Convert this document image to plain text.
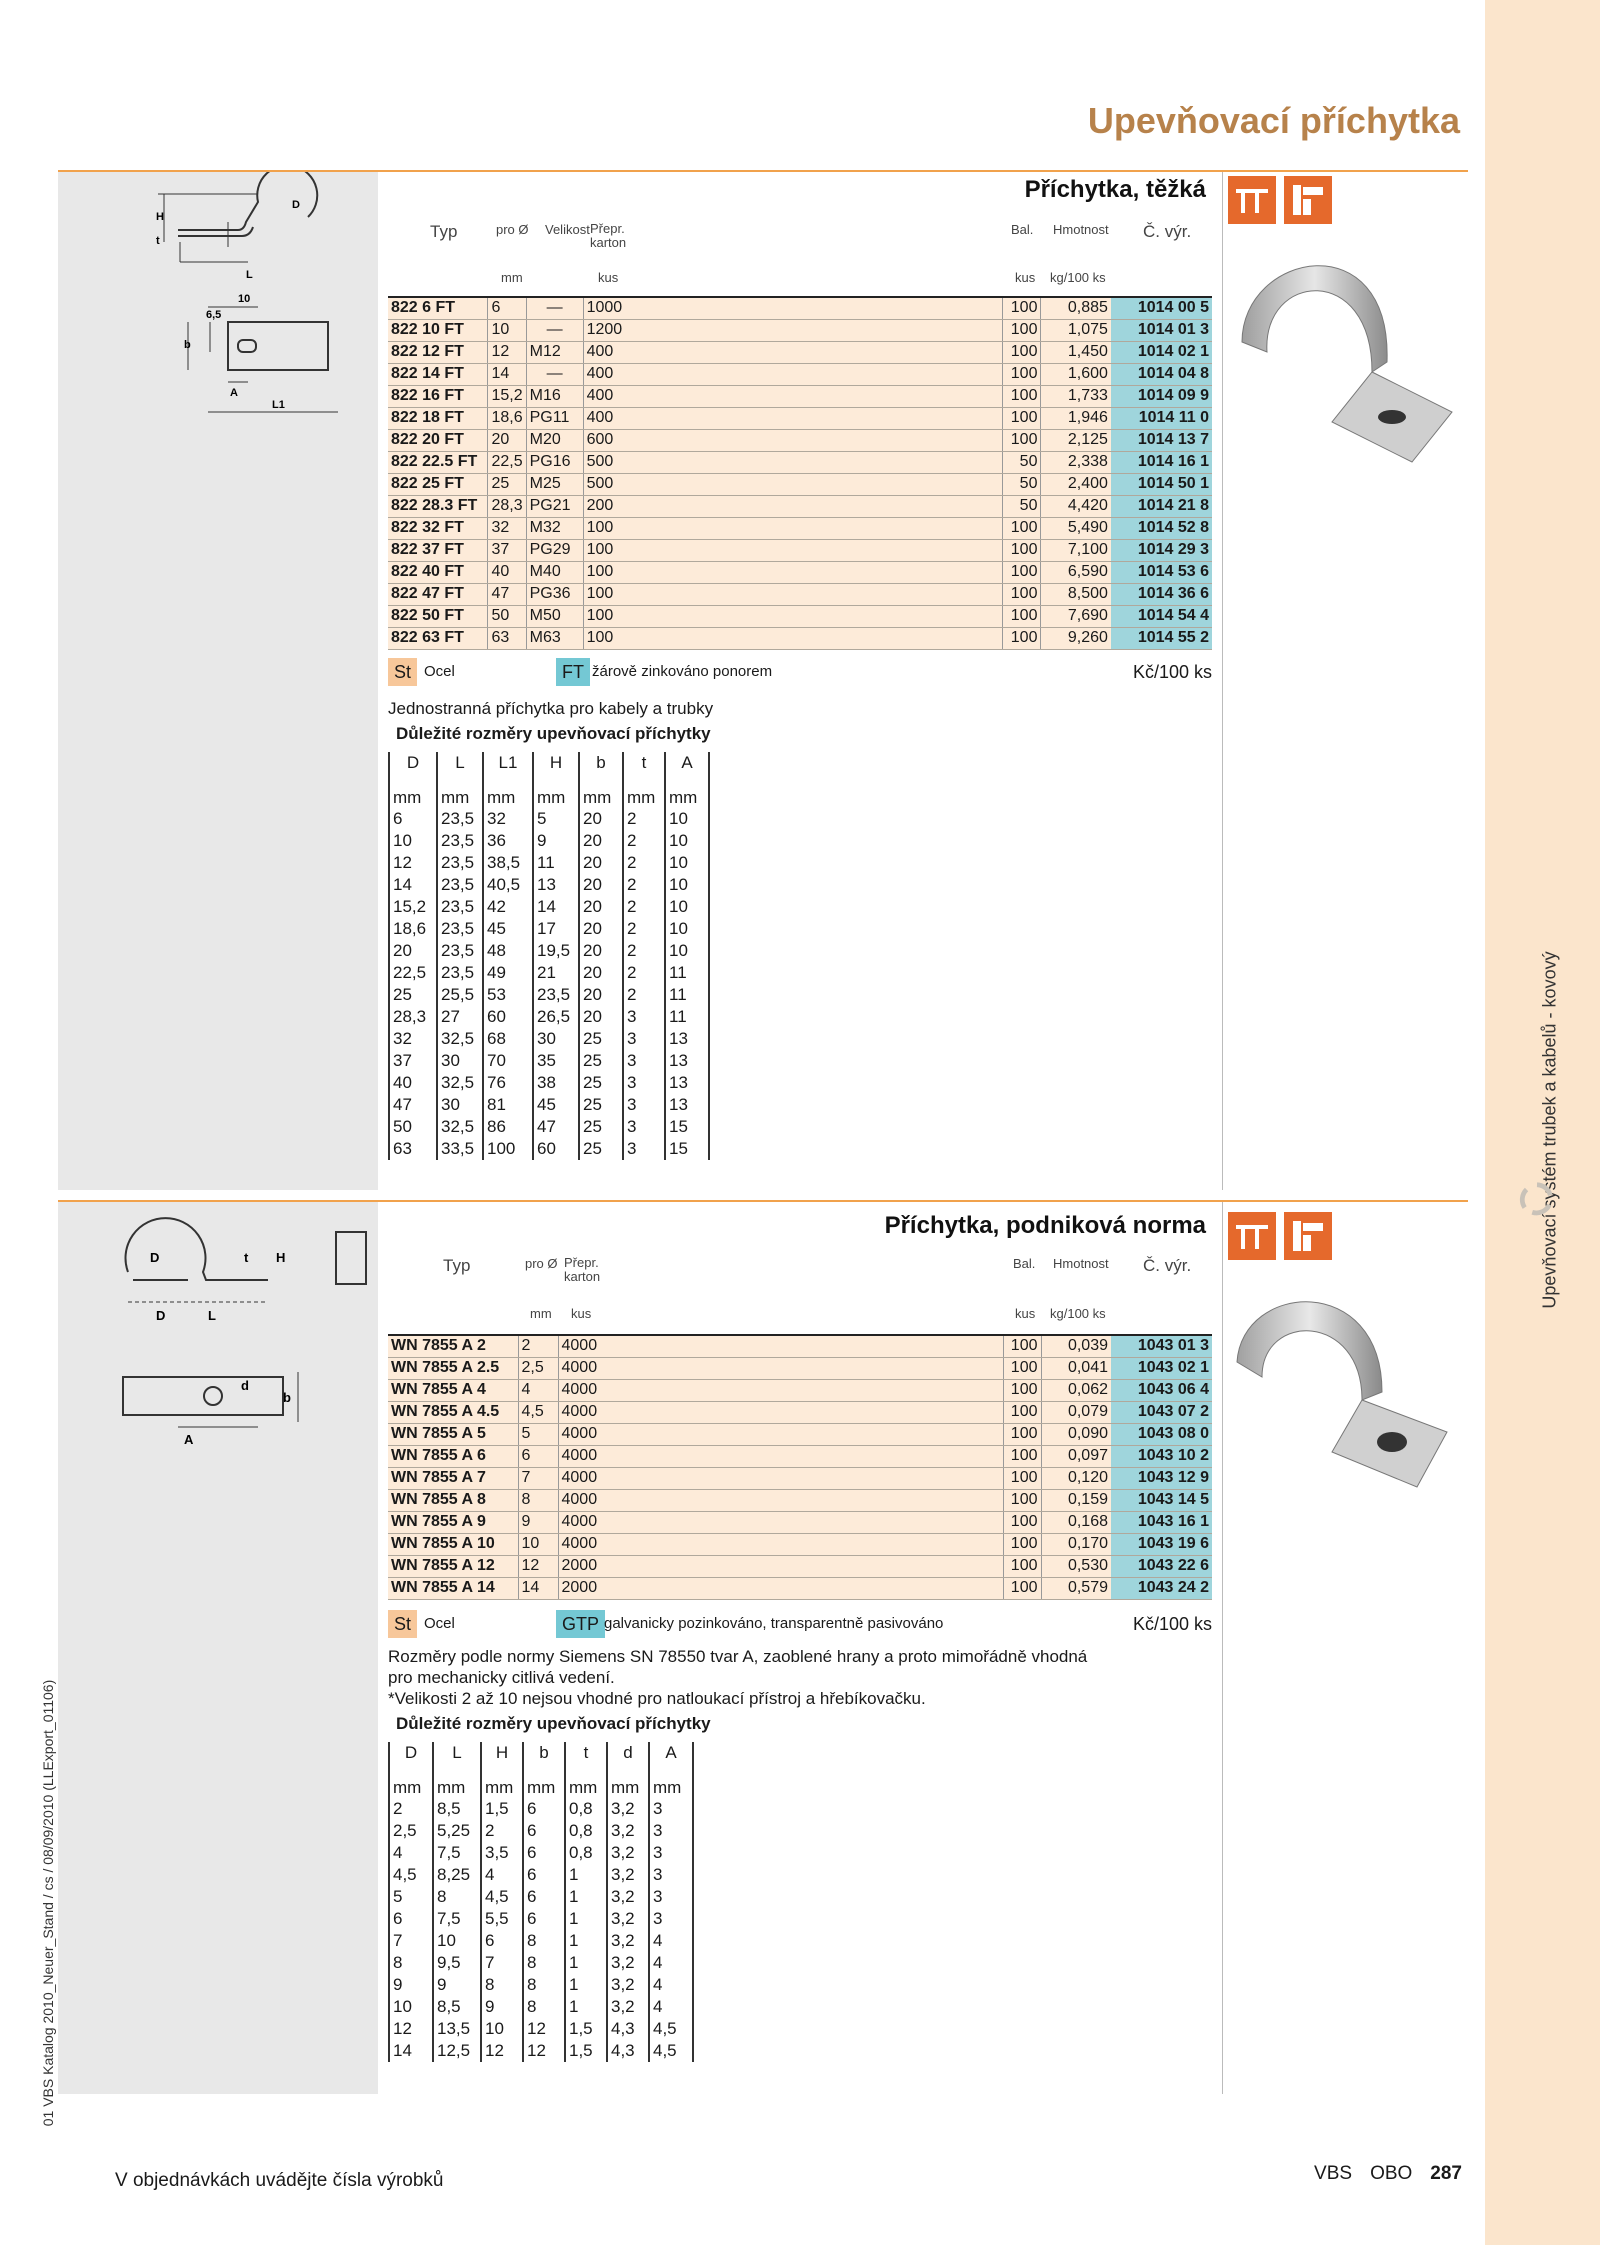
Upevňovací systém trubek a kabelů - kovový
01 VBS Katalog 2010_Neuer_Stand / cs / 08/09/2010 (LLExport_01106)
Upevňovací příchytka
H
t
L
D
10
b
6,5
A
L1
Příchytka, těžká
Typ	pro Ø Velikost Přepr. karton
Bal. Hmotnost Č. výr.
mm	kus	kus kg/100 ks
822 6 FT	6	—	1000	100	0,885	1014 00 5
822 10 FT	10	—	1200	100	1,075	1014 01 3
822 12 FT	12	M12	400	100	1,450	1014 02 1
822 14 FT	14	—	400	100	1,600	1014 04 8
822 16 FT	15,2	M16	400	100	1,733	1014 09 9
822 18 FT	18,6	PG11	400	100	1,946	1014 11 0
822 20 FT	20	M20	600	100	2,125	1014 13 7
822 22.5 FT	22,5	PG16	500	50	2,338	1014 16 1
822 25 FT	25	M25	500	50	2,400	1014 50 1
822 28.3 FT	28,3	PG21	200	50	4,420	1014 21 8
822 32 FT	32	M32	100	100	5,490	1014 52 8
822 37 FT	37	PG29	100	100	7,100	1014 29 3
822 40 FT	40	M40	100	100	6,590	1014 53 6
822 47 FT	47	PG36	100	100	8,500	1014 36 6
822 50 FT	50	M50	100	100	7,690	1014 54 4
822 63 FT	63	M63	100	100	9,260	1014 55 2
St Ocel	FT žárově zinkováno ponorem	Kč/100 ks
Jednostranná příchytka pro kabely a trubky
Důležité rozměry upevňovací příchytky
D	L	L1	H	b	t	A
mm	mm	mm	mm	mm	mm	mm
6	23,5	32	5	20	2	10
10	23,5	36	9	20	2	10
12	23,5	38,5	11	20	2	10
14	23,5	40,5	13	20	2	10
15,2	23,5	42	14	20	2	10
18,6	23,5	45	17	20	2	10
20	23,5	48	19,5	20	2	10
22,5	23,5	49	21	20	2	11
25	25,5	53	23,5	20	2	11
28,3	27	60	26,5	20	3	11
32	32,5	68	30	25	3	13
37	30	70	35	25	3	13
40	32,5	76	38	25	3	13
47	30	81	45	25	3	13
50	32,5	86	47	25	3	15
63	33,5	100	60	25	3	15
D
D	L
t H
d
b
A
Příchytka, podniková norma
Typ	pro Ø Přepr. karton
Bal. Hmotnost Č. výr.
mm kus	kus kg/100 ks
WN 7855 A 2	2	4000	100	0,039	1043 01 3
WN 7855 A 2.5	2,5	4000	100	0,041	1043 02 1
WN 7855 A 4	4	4000	100	0,062	1043 06 4
WN 7855 A 4.5	4,5	4000	100	0,079	1043 07 2
WN 7855 A 5	5	4000	100	0,090	1043 08 0
WN 7855 A 6	6	4000	100	0,097	1043 10 2
WN 7855 A 7	7	4000	100	0,120	1043 12 9
WN 7855 A 8	8	4000	100	0,159	1043 14 5
WN 7855 A 9	9	4000	100	0,168	1043 16 1
WN 7855 A 10	10	4000	100	0,170	1043 19 6
WN 7855 A 12	12	2000	100	0,530	1043 22 6
WN 7855 A 14	14	2000	100	0,579	1043 24 2
St Ocel	GTP galvanicky pozinkováno, transparentně pasivováno	Kč/100 ks
Rozměry podle normy Siemens SN 78550 tvar A, zaoblené hrany a proto mimořádně vhodná
pro mechanicky citlivá vedení.
*Velikosti 2 až 10 nejsou vhodné pro natloukací přístroj a hřebíkovačku.
Důležité rozměry upevňovací příchytky
D	L	H	b	t	d	A
mm	mm	mm	mm	mm	mm	mm
2	8,5	1,5	6	0,8	3,2	3
2,5	5,25	2	6	0,8	3,2	3
4	7,5	3,5	6	0,8	3,2	3
4,5	8,25	4	6	1	3,2	3
5	8	4,5	6	1	3,2	3
6	7,5	5,5	6	1	3,2	3
7	10	6	8	1	3,2	4
8	9,5	7	8	1	3,2	4
9	9	8	8	1	3,2	4
10	8,5	9	8	1	3,2	4
12	13,5	10	12	1,5	4,3	4,5
14	12,5	12	12	1,5	4,3	4,5
V objednávkách uvádějte čísla výrobků	VBS OBO 287
